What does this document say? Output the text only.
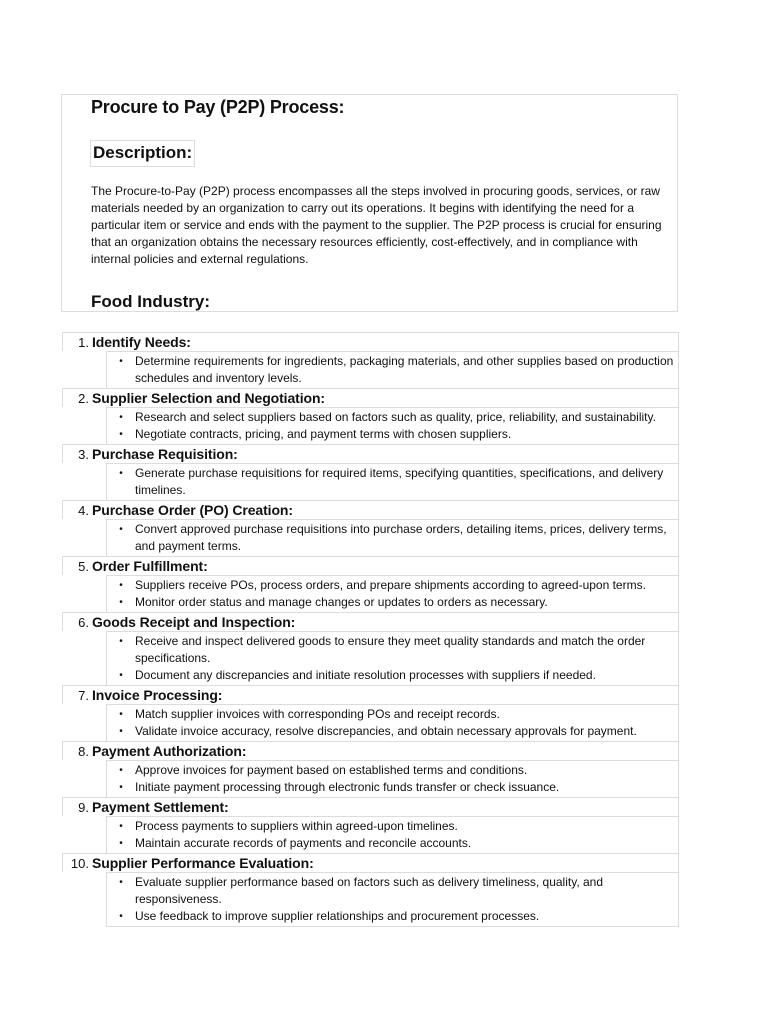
Procure to Pay (P2P) Process:
Description:

The Procure-to-Pay (P2P) process encompasses all the steps involved in procuring goods, services, or raw materials needed by an organization to carry out its operations. It begins with identifying the need for a particular item or service and ends with the payment to the supplier. The P2P process is crucial for ensuring that an organization obtains the necessary resources efficiently, cost-effectively, and in compliance with internal policies and external regulations.

Food Industry:
1. Identify Needs:
•	Determine requirements for ingredients, packaging materials, and other supplies based on production schedules and inventory levels.
2. Supplier Selection and Negotiation:
•	Research and select suppliers based on factors such as quality, price, reliability, and sustainability.
•	Negotiate contracts, pricing, and payment terms with chosen suppliers.
3. Purchase Requisition:
•	Generate purchase requisitions for required items, specifying quantities, specifications, and delivery timelines.
4. Purchase Order (PO) Creation:
•	Convert approved purchase requisitions into purchase orders, detailing items, prices, delivery terms, and payment terms.
5. Order Fulfillment:
•	Suppliers receive POs, process orders, and prepare shipments according to agreed-upon terms.
•	Monitor order status and manage changes or updates to orders as necessary.
6. Goods Receipt and Inspection:
•	Receive and inspect delivered goods to ensure they meet quality standards and match the order specifications.
•	Document any discrepancies and initiate resolution processes with suppliers if needed.
7. Invoice Processing:
•	Match supplier invoices with corresponding POs and receipt records.
•	Validate invoice accuracy, resolve discrepancies, and obtain necessary approvals for payment.
8. Payment Authorization:
•	Approve invoices for payment based on established terms and conditions.
•	Initiate payment processing through electronic funds transfer or check issuance.
9. Payment Settlement:
•	Process payments to suppliers within agreed-upon timelines.
•	Maintain accurate records of payments and reconcile accounts.
10. Supplier Performance Evaluation:
•	Evaluate supplier performance based on factors such as delivery timeliness, quality, and responsiveness.
•	Use feedback to improve supplier relationships and procurement processes.
